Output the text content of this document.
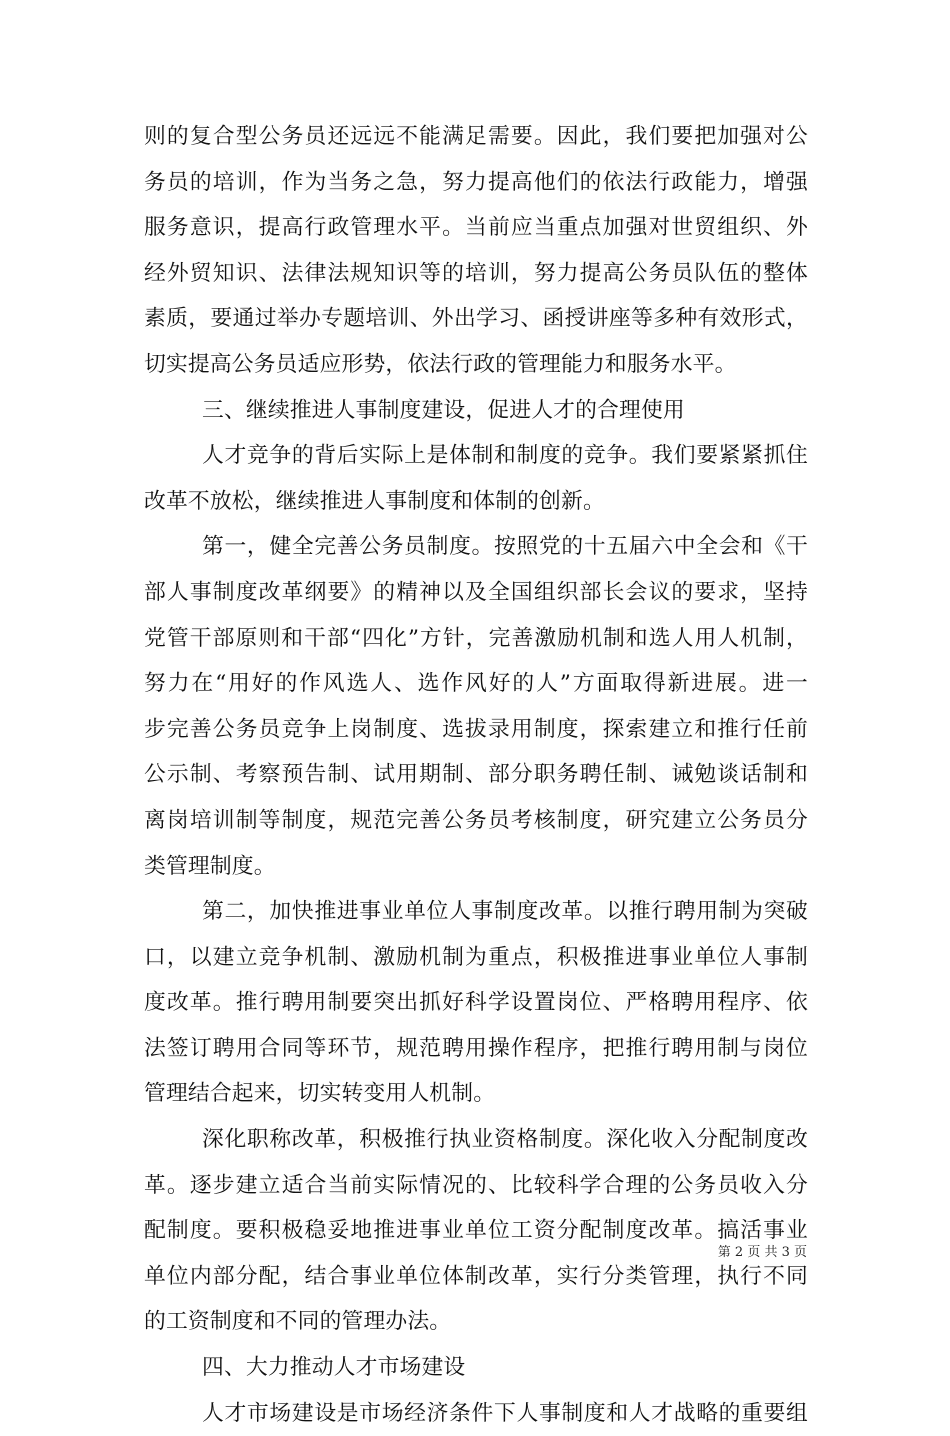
则的复合型公务员还远远不能满足需要。因此，我们要把加强对公
务员的培训，作为当务之急，努力提高他们的依法行政能力，增强
服务意识，提高行政管理水平。当前应当重点加强对世贸组织、外
经外贸知识、法律法规知识等的培训，努力提高公务员队伍的整体
素质，要通过举办专题培训、外出学习、函授讲座等多种有效形式，
切实提高公务员适应形势，依法行政的管理能力和服务水平。
三、继续推进人事制度建设，促进人才的合理使用
人才竞争的背后实际上是体制和制度的竞争。我们要紧紧抓住
改革不放松，继续推进人事制度和体制的创新。
第一，健全完善公务员制度。按照党的十五届六中全会和《干
部人事制度改革纲要》的精神以及全国组织部长会议的要求，坚持
党管干部原则和干部“四化”方针，完善激励机制和选人用人机制，
努力在“用好的作风选人、选作风好的人”方面取得新进展。进一
步完善公务员竞争上岗制度、选拔录用制度，探索建立和推行任前
公示制、考察预告制、试用期制、部分职务聘任制、诫勉谈话制和
离岗培训制等制度，规范完善公务员考核制度，研究建立公务员分
类管理制度。
第二，加快推进事业单位人事制度改革。以推行聘用制为突破
口，以建立竞争机制、激励机制为重点，积极推进事业单位人事制
度改革。推行聘用制要突出抓好科学设置岗位、严格聘用程序、依
法签订聘用合同等环节，规范聘用操作程序，把推行聘用制与岗位
管理结合起来，切实转变用人机制。
深化职称改革，积极推行执业资格制度。深化收入分配制度改
革。逐步建立适合当前实际情况的、比较科学合理的公务员收入分
配制度。要积极稳妥地推进事业单位工资分配制度改革。搞活事业
单位内部分配，结合事业单位体制改革，实行分类管理，执行不同
的工资制度和不同的管理办法。
四、大力推动人才市场建设
人才市场建设是市场经济条件下人事制度和人才战略的重要组
第 2 页 共 3 页
